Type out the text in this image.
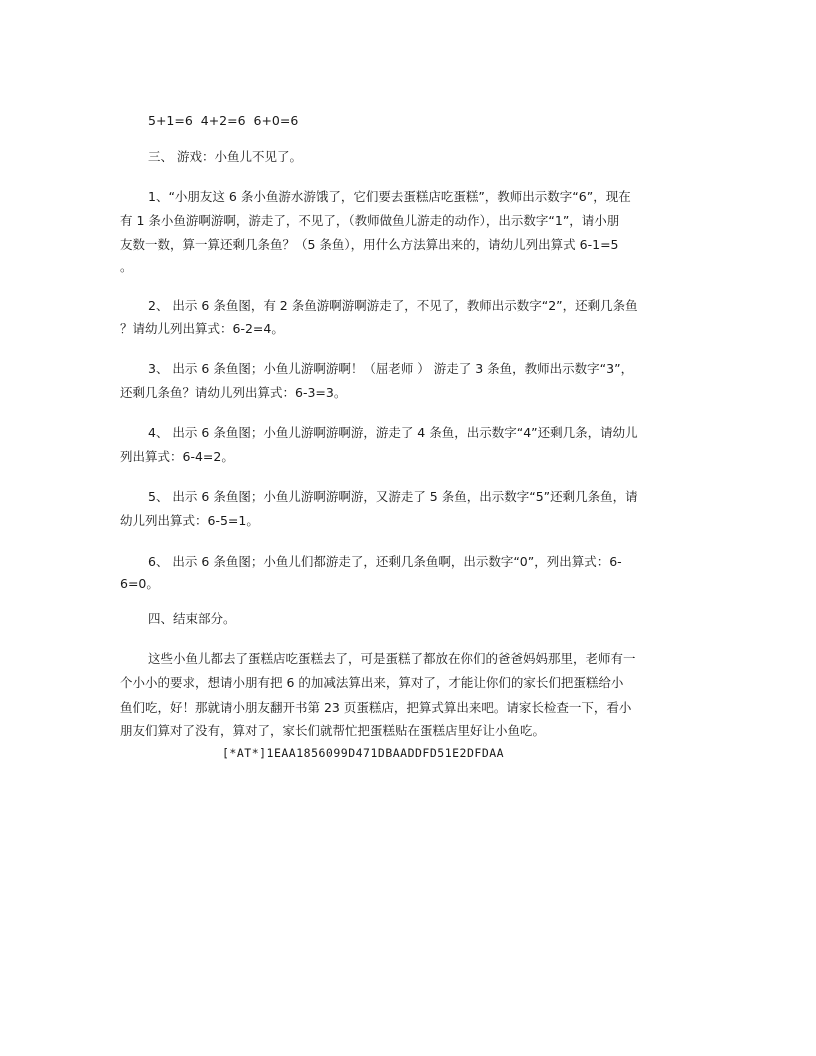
5+1=6  4+2=6  6+0=6
三、 游戏：小鱼儿不见了。
1、“小朋友这 6 条小鱼游水游饿了，它们要去蛋糕店吃蛋糕”，教师出示数字“6”，现在
有 1 条小鱼游啊游啊，游走了，不见了，（教师做鱼儿游走的动作），出示数字“1”，请小朋
友数一数，算一算还剩几条鱼？（5 条鱼），用什么方法算出来的，请幼儿列出算式 6-1=5
。
2、 出示 6 条鱼图，有 2 条鱼游啊游啊游走了，不见了，教师出示数字“2”，还剩几条鱼
？请幼儿列出算式：6-2=4。
3、 出示 6 条鱼图；小鱼儿游啊游啊！（屈老师 ） 游走了 3 条鱼，教师出示数字“3”，
还剩几条鱼？请幼儿列出算式：6-3=3。
4、 出示 6 条鱼图；小鱼儿游啊游啊游，游走了 4 条鱼，出示数字“4”还剩几条，请幼儿
列出算式：6-4=2。
5、 出示 6 条鱼图；小鱼儿游啊游啊游，又游走了 5 条鱼，出示数字“5”还剩几条鱼，请
幼儿列出算式：6-5=1。
6、 出示 6 条鱼图；小鱼儿们都游走了，还剩几条鱼啊，出示数字“0”，列出算式：6-
6=0。
四、结束部分。
这些小鱼儿都去了蛋糕店吃蛋糕去了，可是蛋糕了都放在你们的爸爸妈妈那里，老师有一
个小小的要求，想请小朋有把 6 的加减法算出来，算对了，才能让你们的家长们把蛋糕给小
鱼们吃，好！那就请小朋友翻开书第 23 页蛋糕店，把算式算出来吧。请家长检查一下，看小
朋友们算对了没有，算对了，家长们就帮忙把蛋糕贴在蛋糕店里好让小鱼吃。
[*AT*]1EAA1856099D471DBAADDFD51E2DFDAA
